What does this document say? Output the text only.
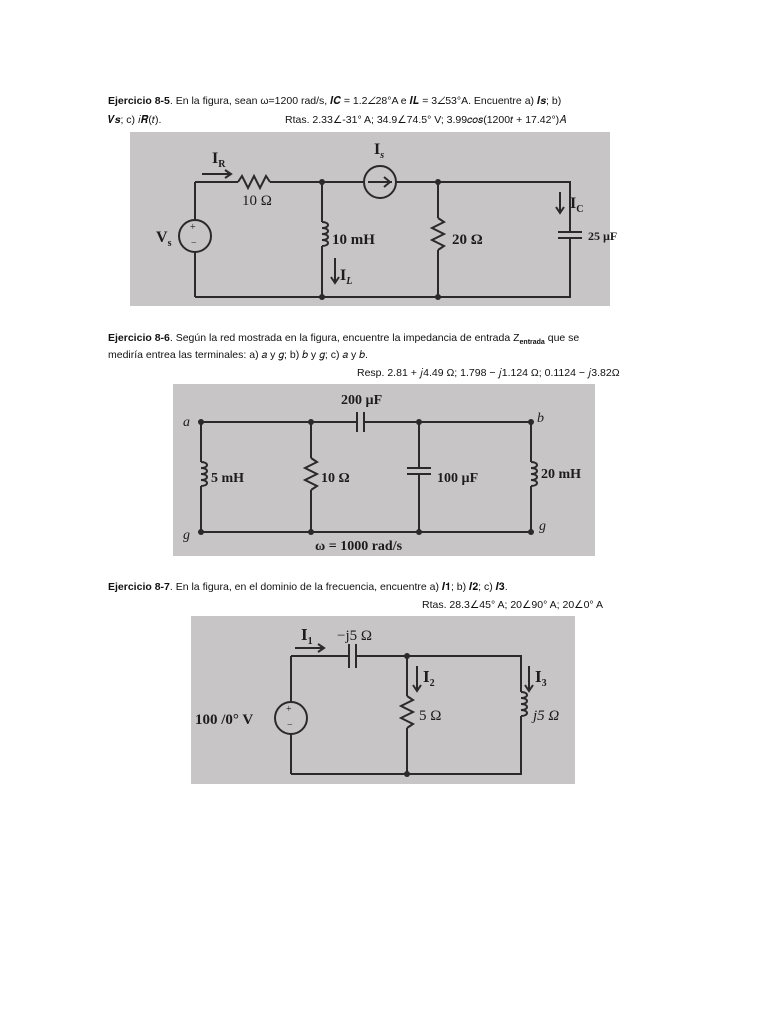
Ejercicio 8-5. En la figura, sean ω=1200 rad/s, 𝑰𝑪 = 1.2∠28°A e 𝑰𝑳 = 3∠53°A. Encuentre a) 𝑰𝒔; b)
𝑽𝒔; c) 𝑖𝑹(𝑡).	Rtas. 2.33∠-31° A; 34.9∠74.5° V; 3.99𝑐𝑜𝑠(1200𝑡 + 17.42°)𝐴
+
−
$I_R$
10 Ω
$I_s$
$I_C$
$V_s$	10 mH
$I_L$
20 Ω	25 µF
Ejercicio 8-6. Según la red mostrada en la figura, encuentre la impedancia de entrada $Z_{entrada}$ que se
mediría entrea las terminales: a) 𝑎 y 𝑔; b) 𝑏 y 𝑔; c) 𝑎 y 𝑏.
Resp. 2.81 + 𝑗4.49 Ω; 1.798 − 𝑗1.124 Ω; 0.1124 − 𝑗3.82Ω
200 µF
a	b
g
g
5 mH	10 Ω	100 µF	20 mH
ω = 1000 rad/s
Ejercicio 8-7. En la figura, en el dominio de la frecuencia, encuentre a) 𝑰𝟏; b) 𝑰𝟐; c) 𝑰𝟑.
Rtas. 28.3∠45° A; 20∠90° A; 20∠0° A
+
−
$I_1 -j5$ Ω
$I_2$	$I_3$
100 /0° V	5 Ω	j5 Ω
